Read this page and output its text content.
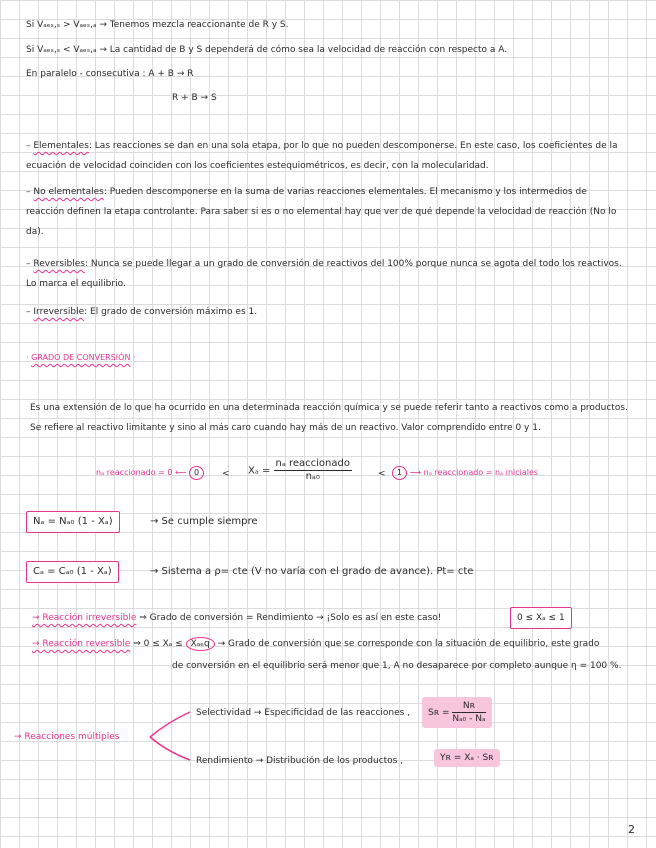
Si Vₐₑₛ,ₛ > Vₐₑₛ,ₐ → Tenemos mezcla reaccionante de R y S.
Si Vₐₑₛ,ₛ < Vₐₑₛ,ₐ → La cantidad de B y S dependerá de cómo sea la velocidad de reacción con respecto a A.
En paralelo - consecutiva : A + B → R
R + B → S
– Elementales: Las reacciones se dan en una sola etapa, por lo que no pueden descomponerse. En este caso, los coeficientes de la ecuación de velocidad coinciden con los coeficientes estequiométricos, es decir, con la molecularidad.
– No elementales: Pueden descomponerse en la suma de varias reacciones elementales. El mecanismo y los intermedios de reacción definen la etapa controlante. Para saber si es o no elemental hay que ver de qué depende la velocidad de reacción (No lo da).
– Reversibles: Nunca se puede llegar a un grado de conversión de reactivos del 100% porque nunca se agota del todo los reactivos. Lo marca el equilibrio.
– Irreversible: El grado de conversión máximo es 1.
· GRADO DE CONVERSIÓN ·
Es una extensión de lo que ha ocurrido en una determinada reacción química y se puede referir tanto a reactivos como a productos. Se refiere al reactivo limitante y sino al más caro cuando hay más de un reactivo. Valor comprendido entre 0 y 1.
nₐ reaccionado = 0 ⟵ 0	< $X_a = \frac{\text{nₐ reaccionado}}{\text{nₐ₀}}$	<	1 ⟶ nₐ reaccionado = nₐ iniciales
Nₐ = Nₐ₀ (1 - Xₐ)	→ Se cumple siempre
Cₐ = Cₐ₀ (1 - Xₐ)	→ Sistema a ρ= cte (V no varía con el grado de avance). Pt= cte
→ Reacción irreversible ⇒ Grado de conversión = Rendimiento → ¡Solo es así en este caso!	0 ≤ Xₐ ≤ 1
→ Reacción reversible ⇒ 0 ≤ Xₐ ≤ Xₐₑq → Grado de conversión que se corresponde con la situación de equilibrio, este grado
de conversión en el equilibrio será menor que 1, A no desaparece por completo aunque η = 100 %.
→ Reacciones múltiples
Selectividad → Especificidad de las reacciones ,	Sʀ = $\frac{\text{Nʀ}}{\text{Nₐ₀ - Nₐ}}$
Rendimiento → Distribución de los productos ,	Υʀ = Xₐ · Sʀ
2
